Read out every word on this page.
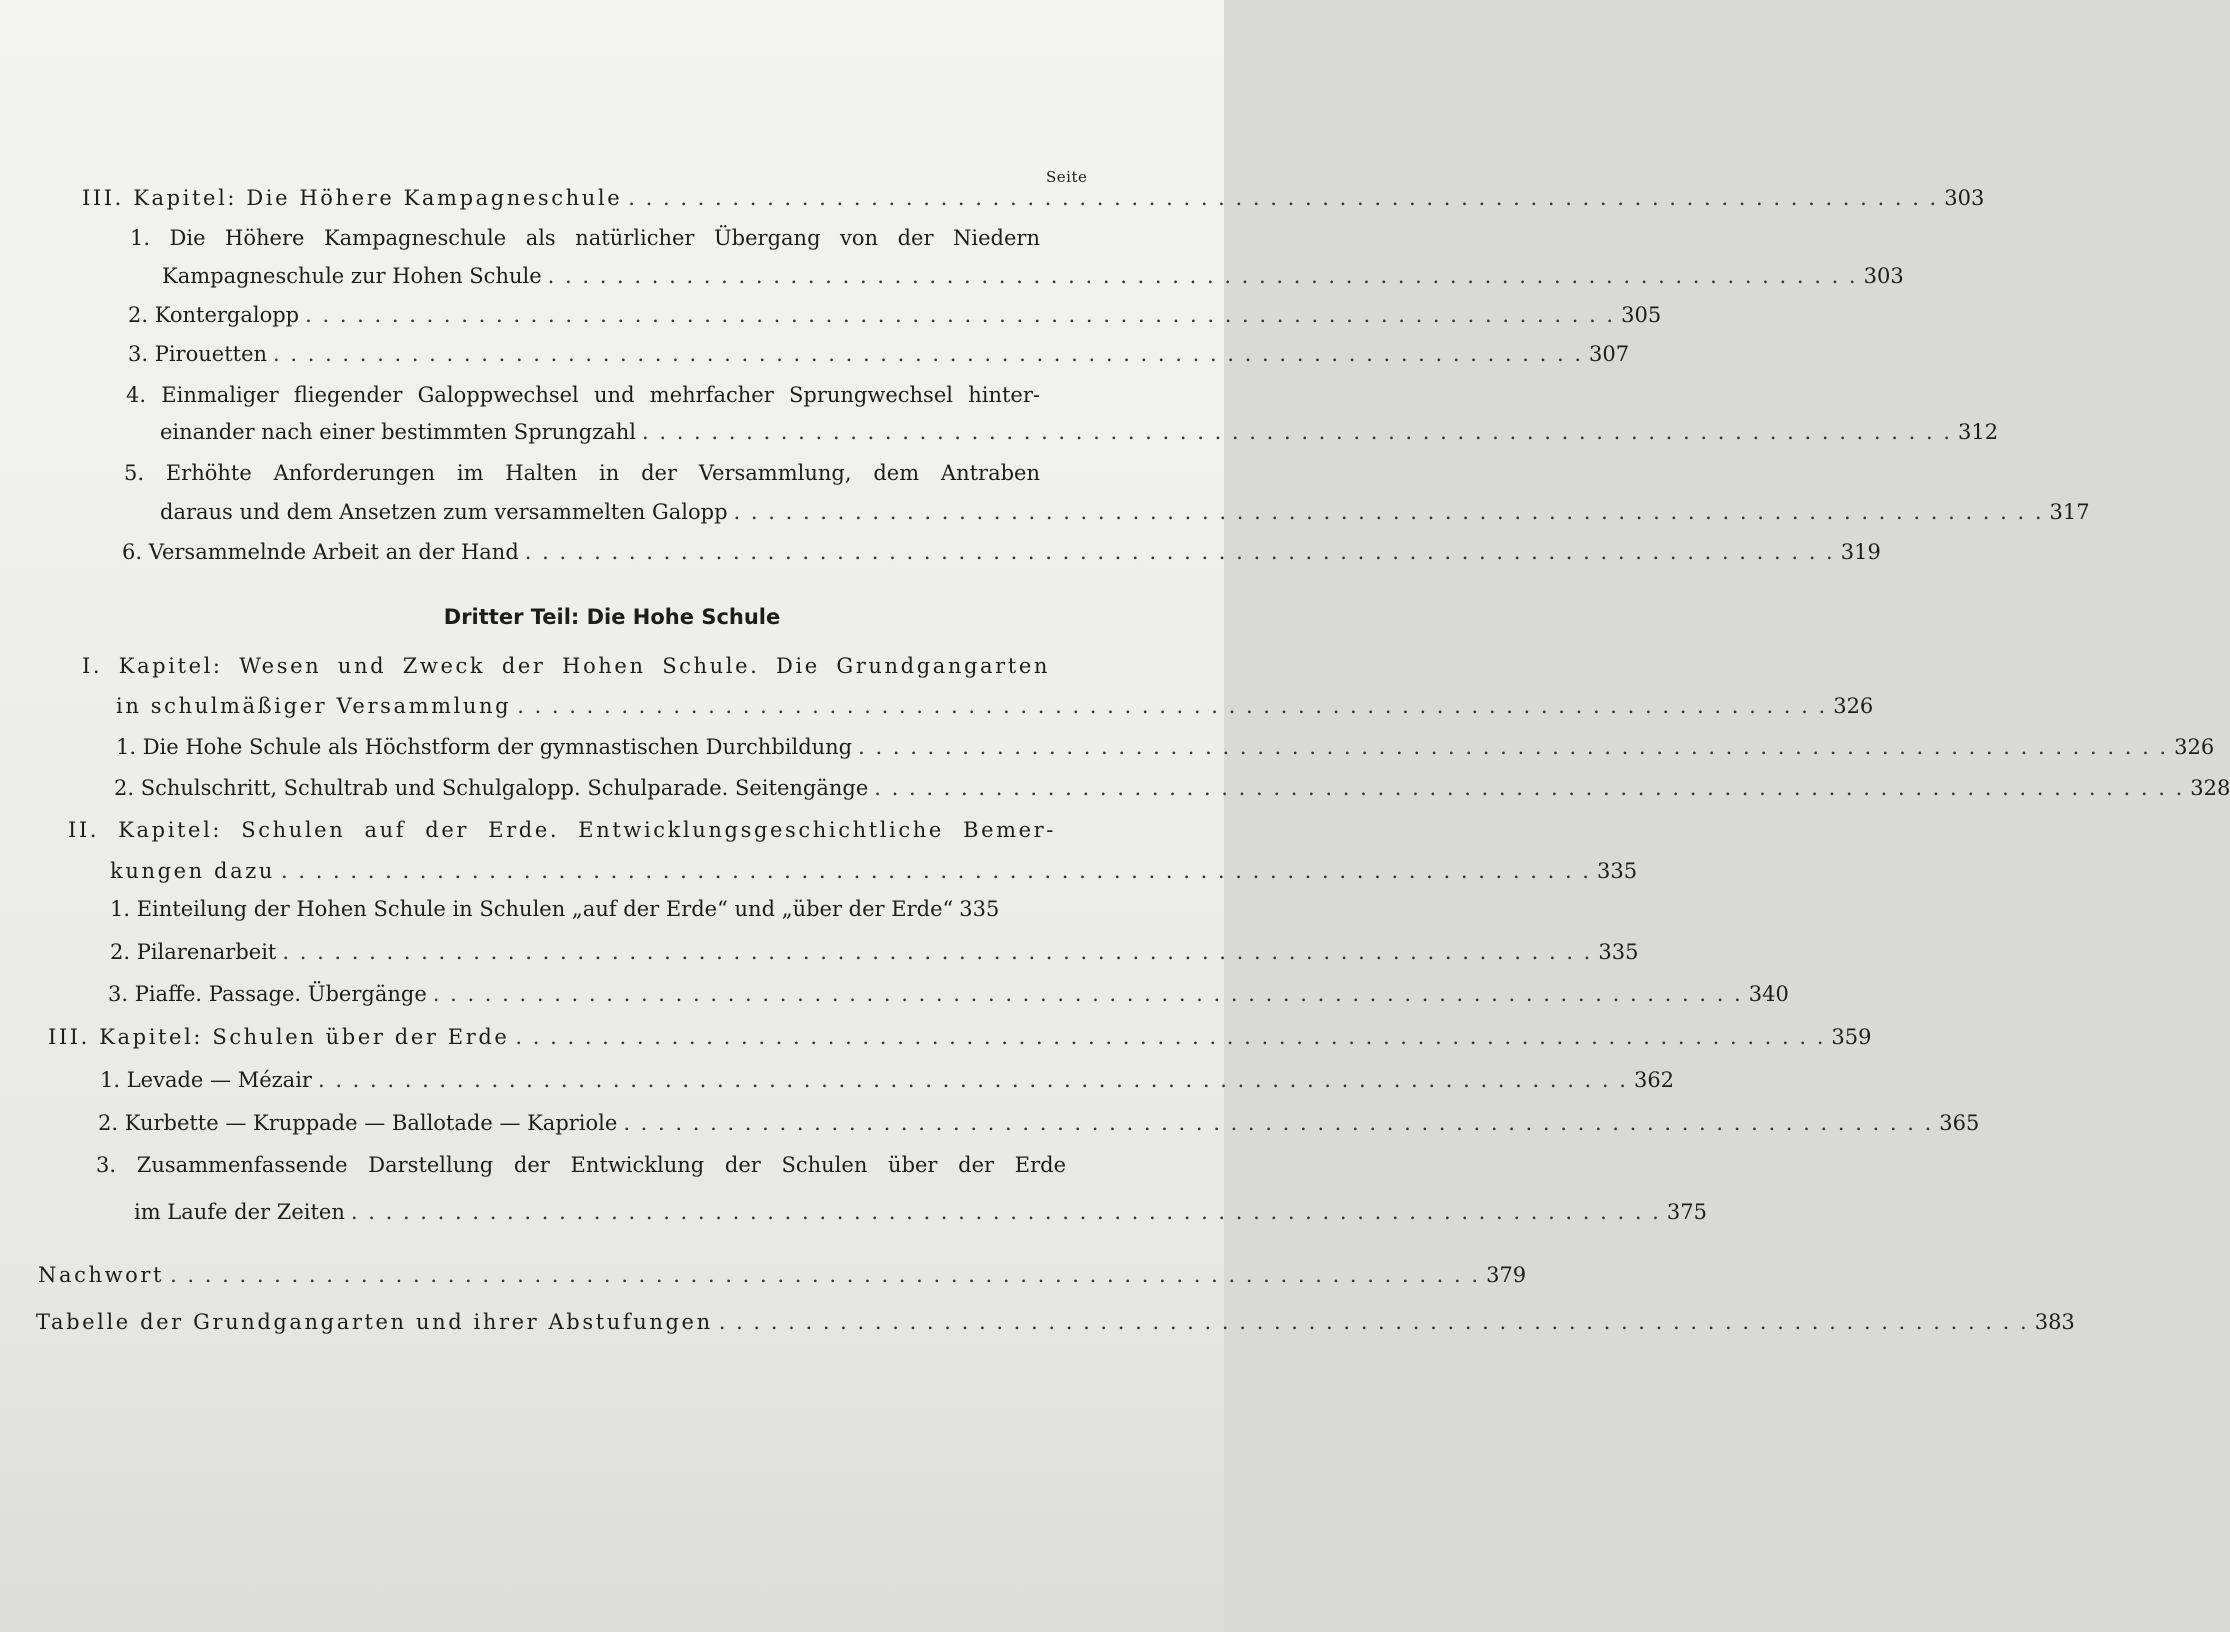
Seite
III. Kapitel: Die Höhere Kampagneschule . . .	303
1. Die Höhere Kampagneschule als natürlicher Übergang von der Niedern
Kampagneschule zur Hohen Schule . . .	303
2. Kontergalopp . . .	305
3. Pirouetten . . .	307
4. Einmaliger fliegender Galoppwechsel und mehrfacher Sprungwechsel hinter-
einander nach einer bestimmten Sprungzahl . . .	312
5. Erhöhte Anforderungen im Halten in der Versammlung, dem Antraben
daraus und dem Ansetzen zum versammelten Galopp . . .	317
6. Versammelnde Arbeit an der Hand . . .	319
Dritter Teil: Die Hohe Schule
I. Kapitel: Wesen und Zweck der Hohen Schule. Die Grundgangarten
in schulmäßiger Versammlung . . .	326
1. Die Hohe Schule als Höchstform der gymnastischen Durchbildung . . .	326
2. Schulschritt, Schultrab und Schulgalopp. Schulparade. Seitengänge . . .	328
II. Kapitel: Schulen auf der Erde. Entwicklungsgeschichtliche Bemer-
kungen dazu . . .	335
1. Einteilung der Hohen Schule in Schulen „auf der Erde“ und „über der Erde“ 335
2. Pilarenarbeit . . .	335
3. Piaffe. Passage. Übergänge . . .	340
III. Kapitel: Schulen über der Erde . . .	359
1. Levade — Mézair . . .	362
2. Kurbette — Kruppade — Ballotade — Kapriole . . .	365
3. Zusammenfassende Darstellung der Entwicklung der Schulen über der Erde
im Laufe der Zeiten . . .	375
Nachwort . . .	379
Tabelle der Grundgangarten und ihrer Abstufungen . . .	383
